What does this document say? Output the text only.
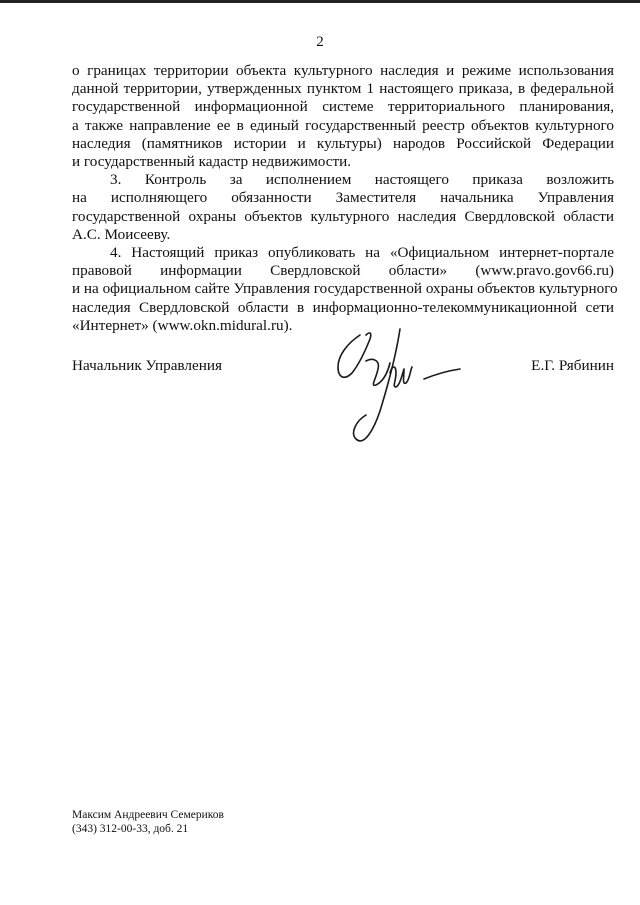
2
о границах территории объекта культурного наследия и режиме использования
данной территории, утвержденных пунктом 1 настоящего приказа, в федеральной
государственной информационной системе территориального планирования,
а также направление ее в единый государственный реестр объектов культурного
наследия (памятников истории и культуры) народов Российской Федерации
и государственный кадастр недвижимости.
3. Контроль за исполнением настоящего приказа возложить
на исполняющего обязанности Заместителя начальника Управления
государственной охраны объектов культурного наследия Свердловской области
А.С. Моисееву.
4. Настоящий приказ опубликовать на «Официальном интернет-портале
правовой информации Свердловской области» (www.pravo.gov66.ru)
и на официальном сайте Управления государственной охраны объектов культурного
наследия Свердловской области в информационно-телекоммуникационной сети
«Интернет» (www.okn.midural.ru).
Начальник Управления	Е.Г. Рябинин
Максим Андреевич Семериков
(343) 312-00-33, доб. 21
